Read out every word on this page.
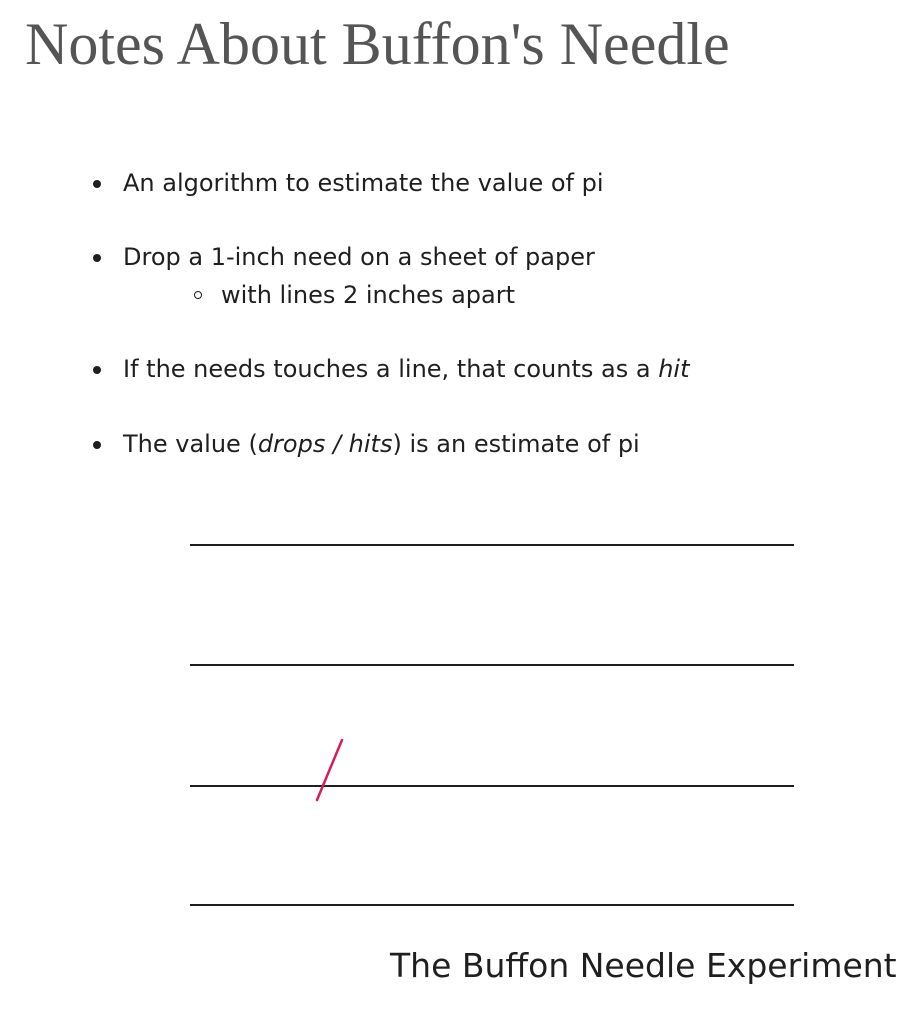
Notes About Buffon's Needle
An algorithm to estimate the value of pi
Drop a 1-inch need on a sheet of paper
with lines 2 inches apart
If the needs touches a line, that counts as a hit
The value (drops / hits) is an estimate of pi
The Buffon Needle Experiment
